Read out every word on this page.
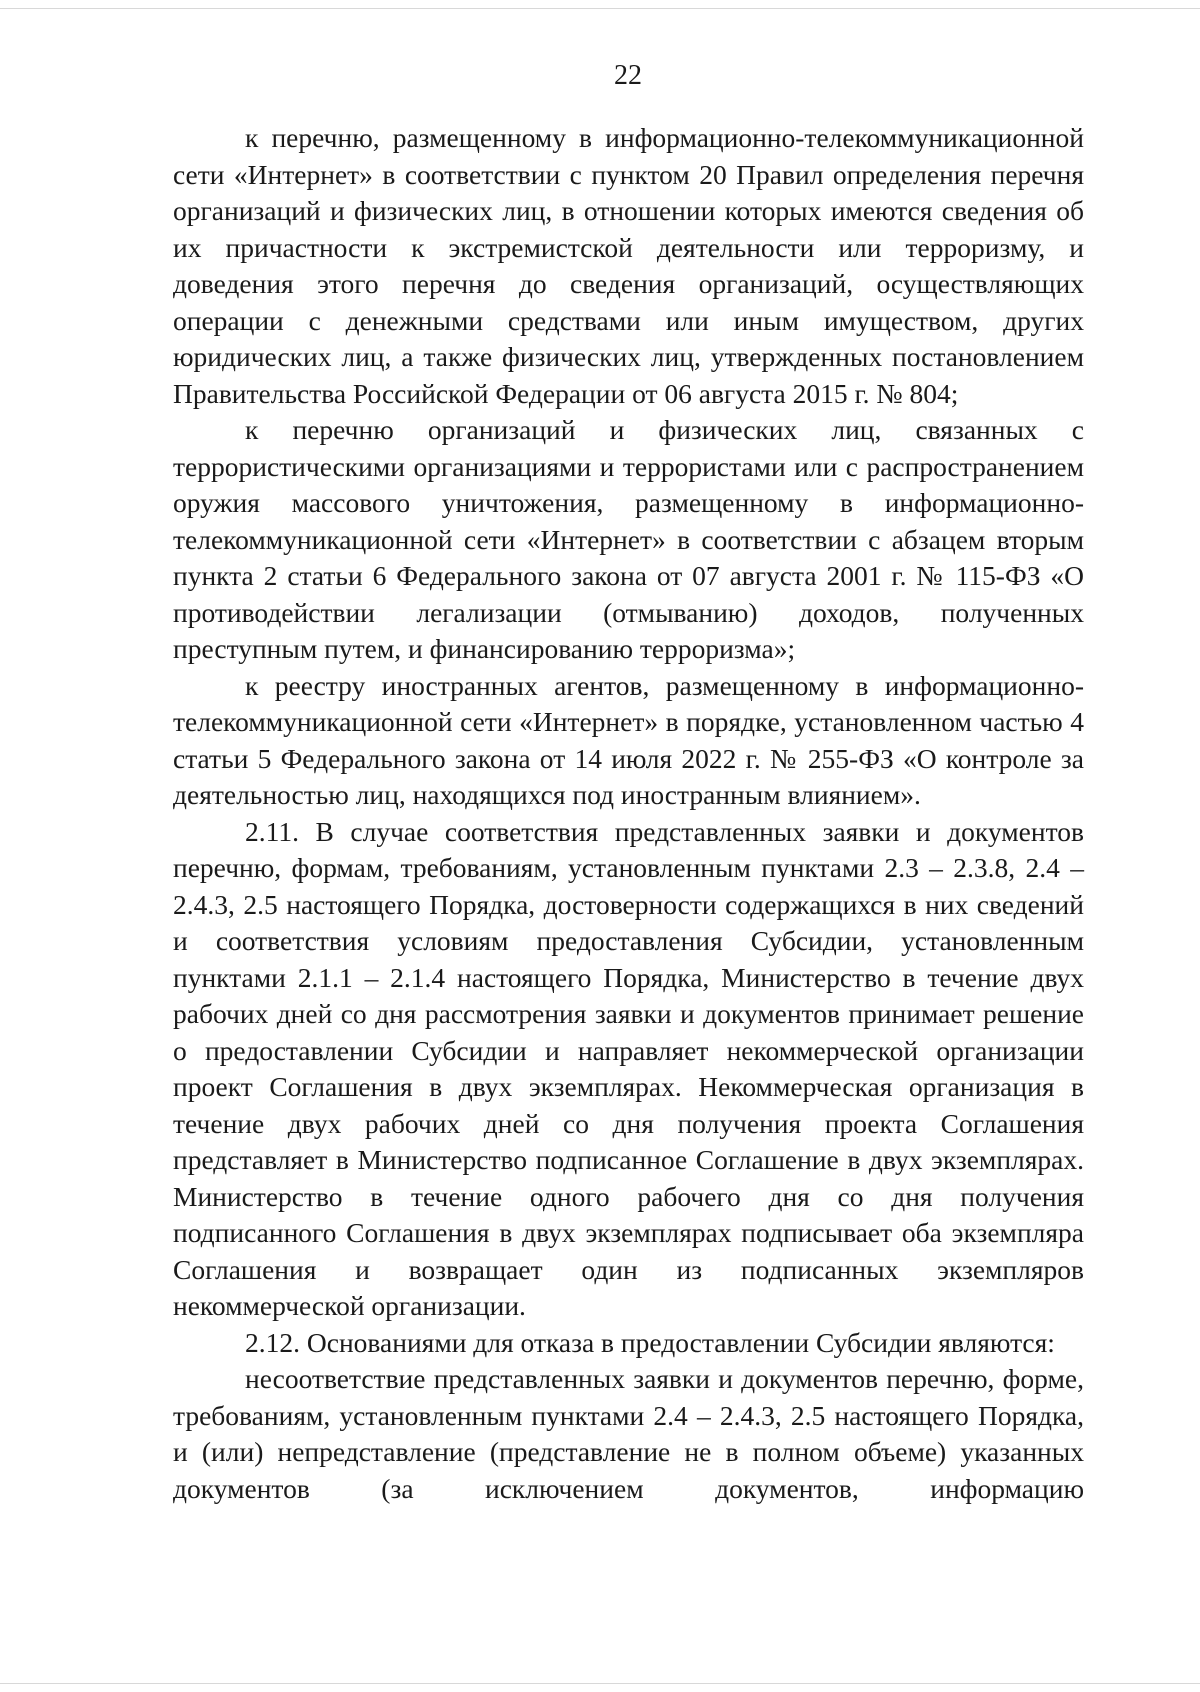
22

к перечню, размещенному в информационно-телекоммуникационной сети «Интернет» в соответствии с пунктом 20 Правил определения перечня организаций и физических лиц, в отношении которых имеются сведения об их причастности к экстремистской деятельности или терроризму, и доведения этого перечня до сведения организаций, осуществляющих операции с денежными средствами или иным имуществом, других юридических лиц, а также физических лиц, утвержденных постановлением Правительства Российской Федерации от 06 августа 2015 г. № 804;

к перечню организаций и физических лиц, связанных с террористическими организациями и террористами или с распространением оружия массового уничтожения, размещенному в информационно-телекоммуникационной сети «Интернет» в соответствии с абзацем вторым пункта 2 статьи 6 Федерального закона от 07 августа 2001 г. № 115-ФЗ «О противодействии легализации (отмыванию) доходов, полученных преступным путем, и финансированию терроризма»;

к реестру иностранных агентов, размещенному в информационно-телекоммуникационной сети «Интернет» в порядке, установленном частью 4 статьи 5 Федерального закона от 14 июля 2022 г. № 255-ФЗ «О контроле за деятельностью лиц, находящихся под иностранным влиянием».

2.11. В случае соответствия представленных заявки и документов перечню, формам, требованиям, установленным пунктами 2.3 – 2.3.8, 2.4 – 2.4.3, 2.5 настоящего Порядка, достоверности содержащихся в них сведений и соответствия условиям предоставления Субсидии, установленным пунктами 2.1.1 – 2.1.4 настоящего Порядка, Министерство в течение двух рабочих дней со дня рассмотрения заявки и документов принимает решение о предоставлении Субсидии и направляет некоммерческой организации проект Соглашения в двух экземплярах. Некоммерческая организация в течение двух рабочих дней со дня получения проекта Соглашения представляет в Министерство подписанное Соглашение в двух экземплярах. Министерство в течение одного рабочего дня со дня получения подписанного Соглашения в двух экземплярах подписывает оба экземпляра Соглашения и возвращает один из подписанных экземпляров некоммерческой организации.

2.12. Основаниями для отказа в предоставлении Субсидии являются:

несоответствие представленных заявки и документов перечню, форме, требованиям, установленным пунктами 2.4 – 2.4.3, 2.5 настоящего Порядка, и (или) непредставление (представление не в полном объеме) указанных документов (за исключением документов, информацию
